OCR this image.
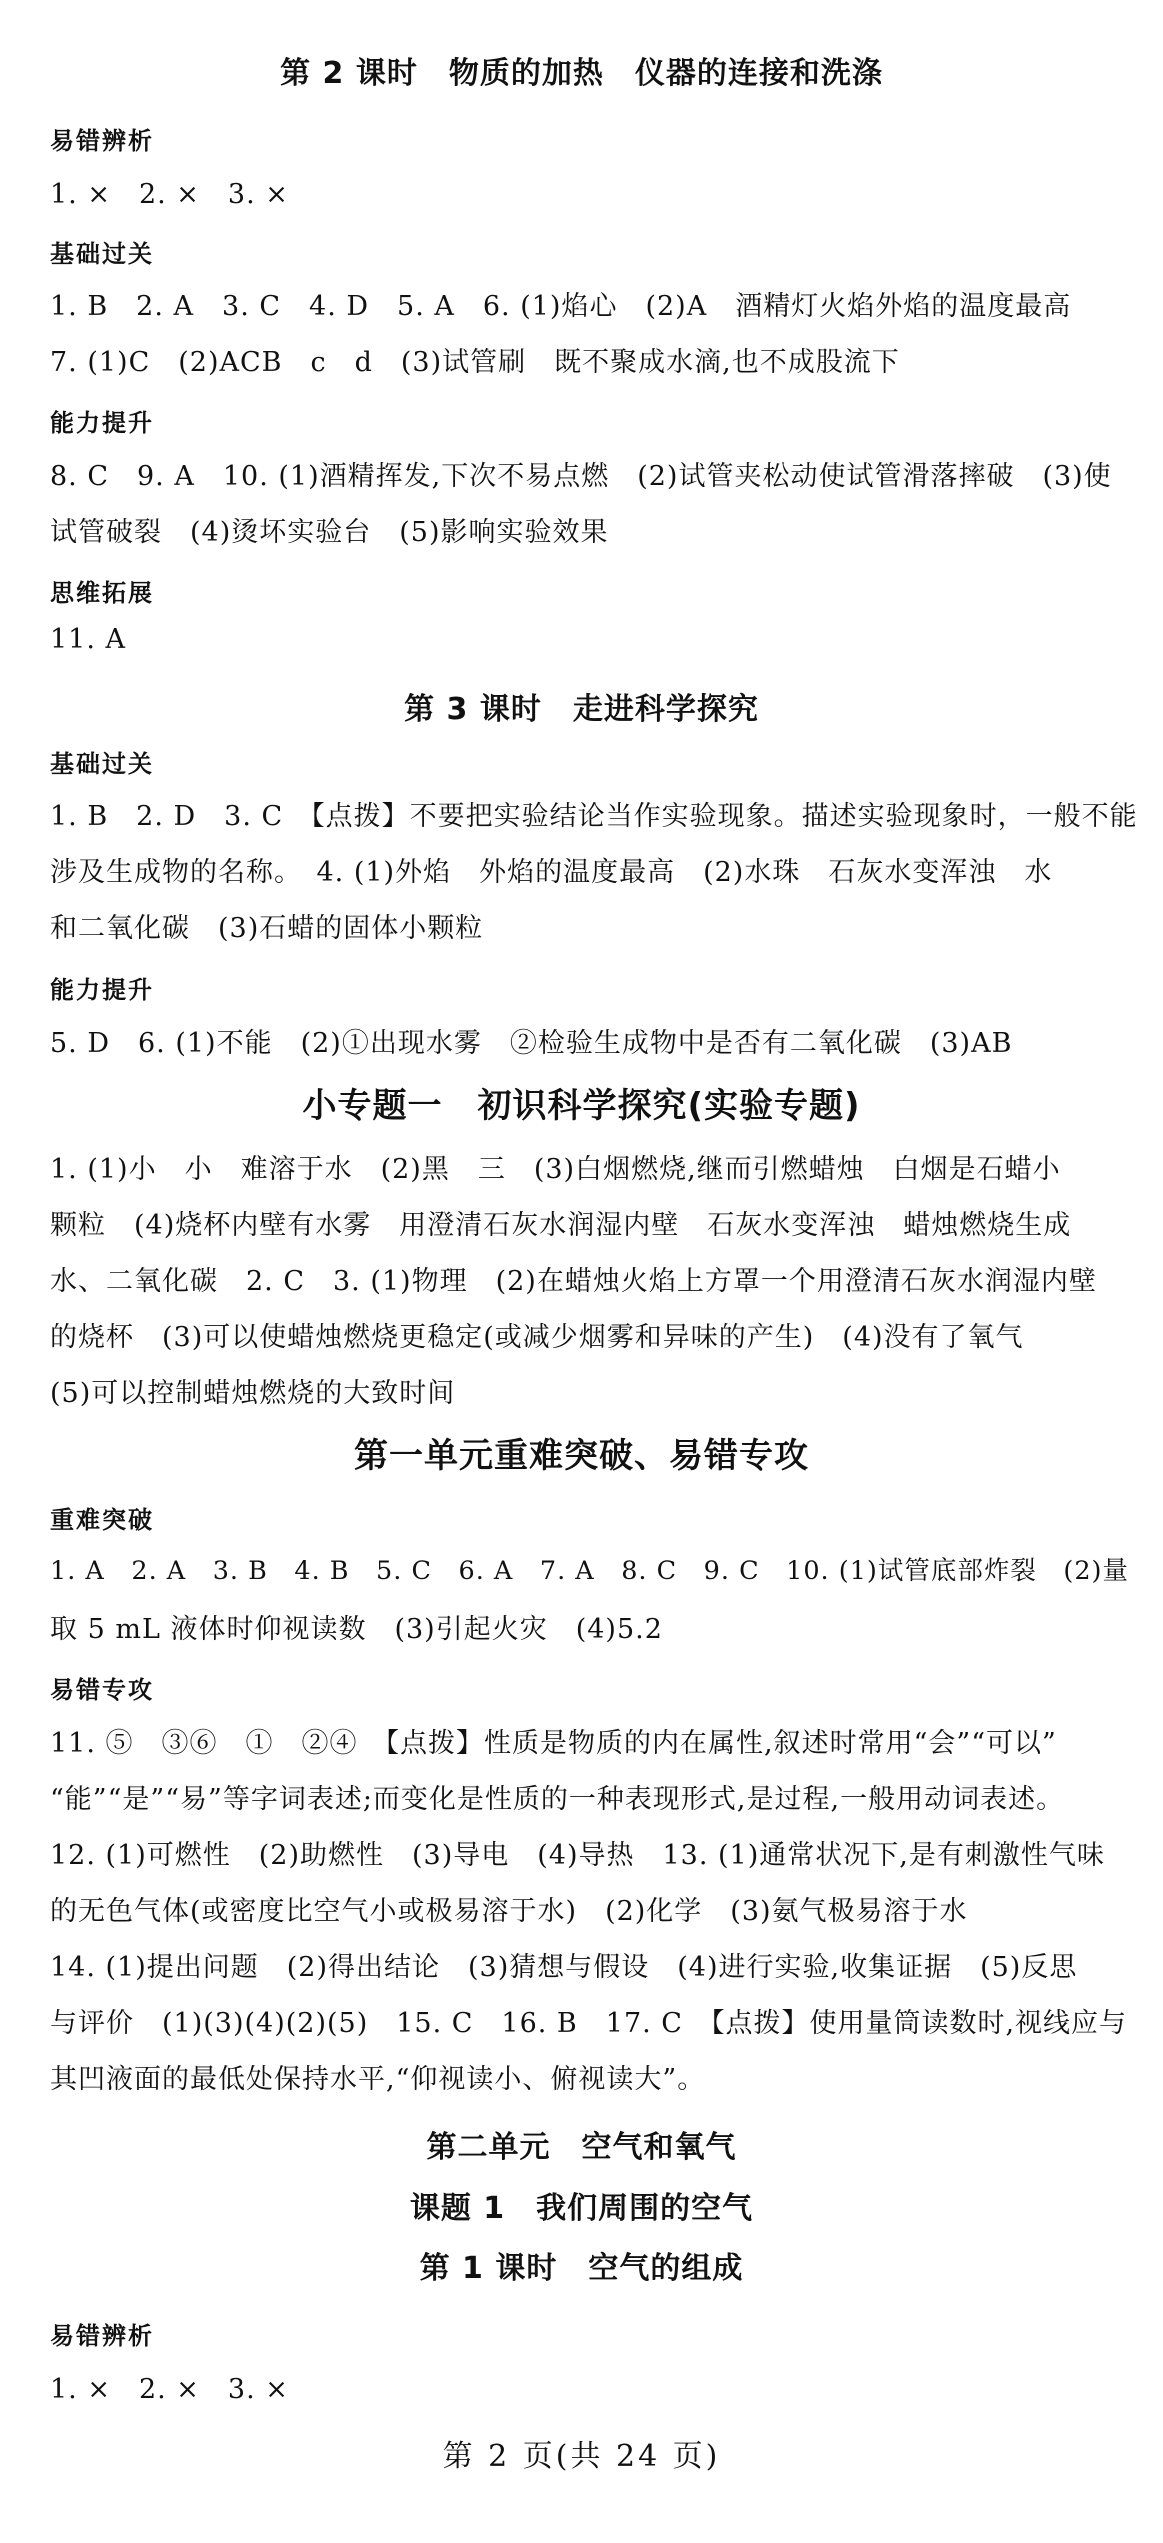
第 2 课时　物质的加热　仪器的连接和洗涤
易错辨析
1. ×　2. ×　3. ×
基础过关
1. B　2. A　3. C　4. D　5. A　6. (1)焰心　(2)A　酒精灯火焰外焰的温度最高
7. (1)C　(2)ACB　c　d　(3)试管刷　既不聚成水滴,也不成股流下
能力提升
8. C　9. A　10. (1)酒精挥发,下次不易点燃　(2)试管夹松动使试管滑落摔破　(3)使
试管破裂　(4)烫坏实验台　(5)影响实验效果
思维拓展
11. A
第 3 课时　走进科学探究
基础过关
1. B　2. D　3. C　【点拨】不要把实验结论当作实验现象。描述实验现象时，一般不能
涉及生成物的名称。　4. (1)外焰　外焰的温度最高　(2)水珠　石灰水变浑浊　水
和二氧化碳　(3)石蜡的固体小颗粒
能力提升
5. D　6. (1)不能　(2)①出现水雾　②检验生成物中是否有二氧化碳　(3)AB
小专题一　初识科学探究(实验专题)
1. (1)小　小　难溶于水　(2)黑　三　(3)白烟燃烧,继而引燃蜡烛　白烟是石蜡小
颗粒　(4)烧杯内壁有水雾　用澄清石灰水润湿内壁　石灰水变浑浊　蜡烛燃烧生成
水、二氧化碳　2. C　3. (1)物理　(2)在蜡烛火焰上方罩一个用澄清石灰水润湿内壁
的烧杯　(3)可以使蜡烛燃烧更稳定(或减少烟雾和异味的产生)　(4)没有了氧气
(5)可以控制蜡烛燃烧的大致时间
第一单元重难突破、易错专攻
重难突破
1. A　2. A　3. B　4. B　5. C　6. A　7. A　8. C　9. C　10. (1)试管底部炸裂　(2)量
取 5 mL 液体时仰视读数　(3)引起火灾　(4)5.2
易错专攻
11. ⑤　③⑥　①　②④　【点拨】性质是物质的内在属性,叙述时常用“会”“可以”
“能”“是”“易”等字词表述;而变化是性质的一种表现形式,是过程,一般用动词表述。
12. (1)可燃性　(2)助燃性　(3)导电　(4)导热　13. (1)通常状况下,是有刺激性气味
的无色气体(或密度比空气小或极易溶于水)　(2)化学　(3)氨气极易溶于水
14. (1)提出问题　(2)得出结论　(3)猜想与假设　(4)进行实验,收集证据　(5)反思
与评价　(1)(3)(4)(2)(5)　15. C　16. B　17. C　【点拨】使用量筒读数时,视线应与
其凹液面的最低处保持水平,“仰视读小、俯视读大”。
第二单元　空气和氧气
课题 1　我们周围的空气
第 1 课时　空气的组成
易错辨析
1. ×　2. ×　3. ×
第 2 页(共 24 页)
